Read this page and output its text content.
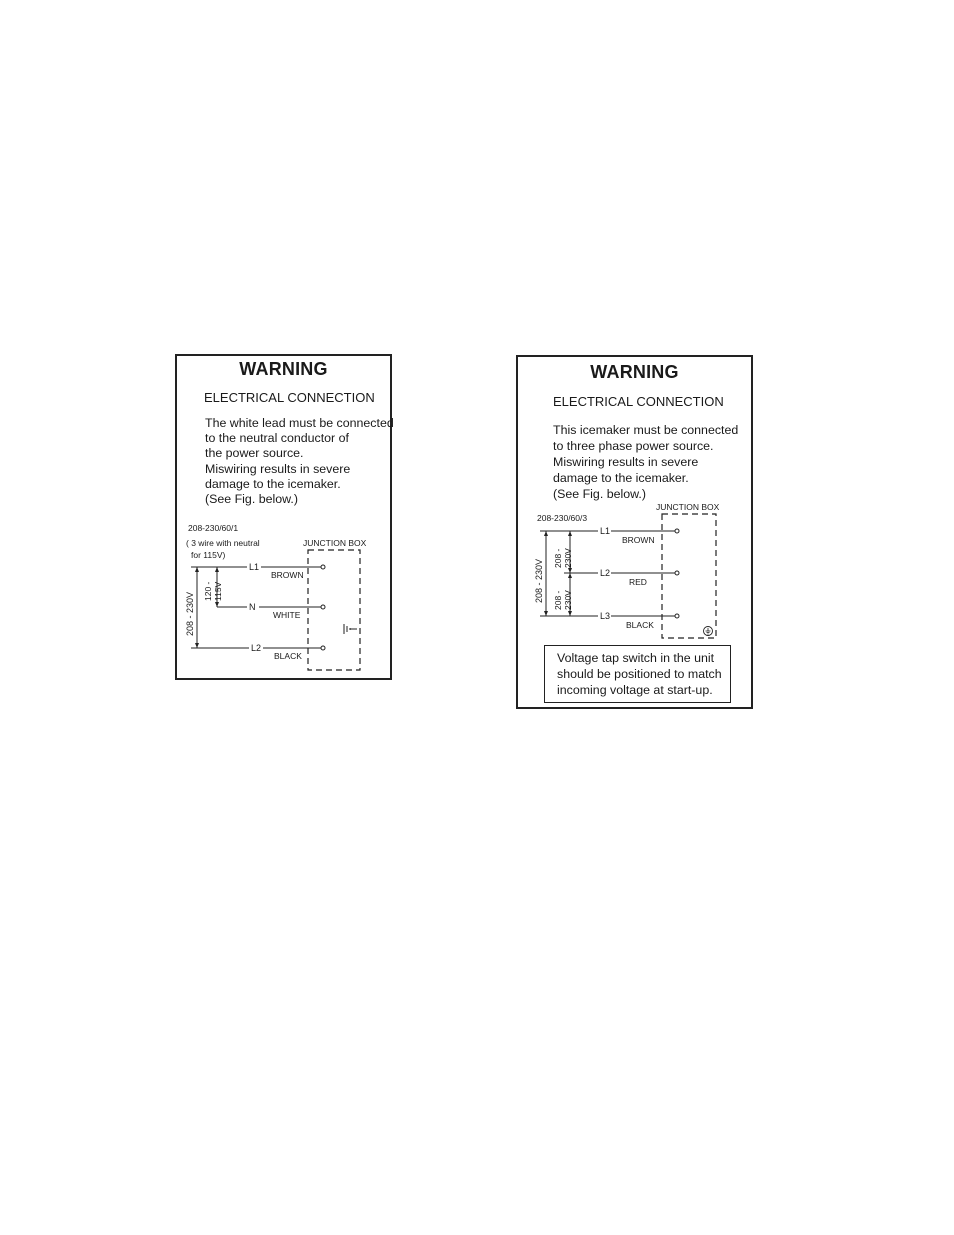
WARNING
ELECTRICAL CONNECTION
The white lead must be connected
to the neutral conductor of
the power source.
Miswiring results in severe
damage to the icemaker.
(See Fig. below.)
208-230/60/1
( 3 wire with neutral
for 115V)
JUNCTION BOX
208 - 230V
120 - 115V
L1
BROWN
N
WHITE
L2
BLACK
WARNING
ELECTRICAL CONNECTION
This icemaker must be connected
to three phase power source.
Miswiring results in severe
damage to the icemaker.
(See Fig. below.)
208-230/60/3
JUNCTION BOX
208 - 230V
208 - 230V
208 - 230V
L1
BROWN
L2
RED
L3
BLACK
Voltage tap switch in the unit
should be positioned to match
incoming voltage at start-up.
